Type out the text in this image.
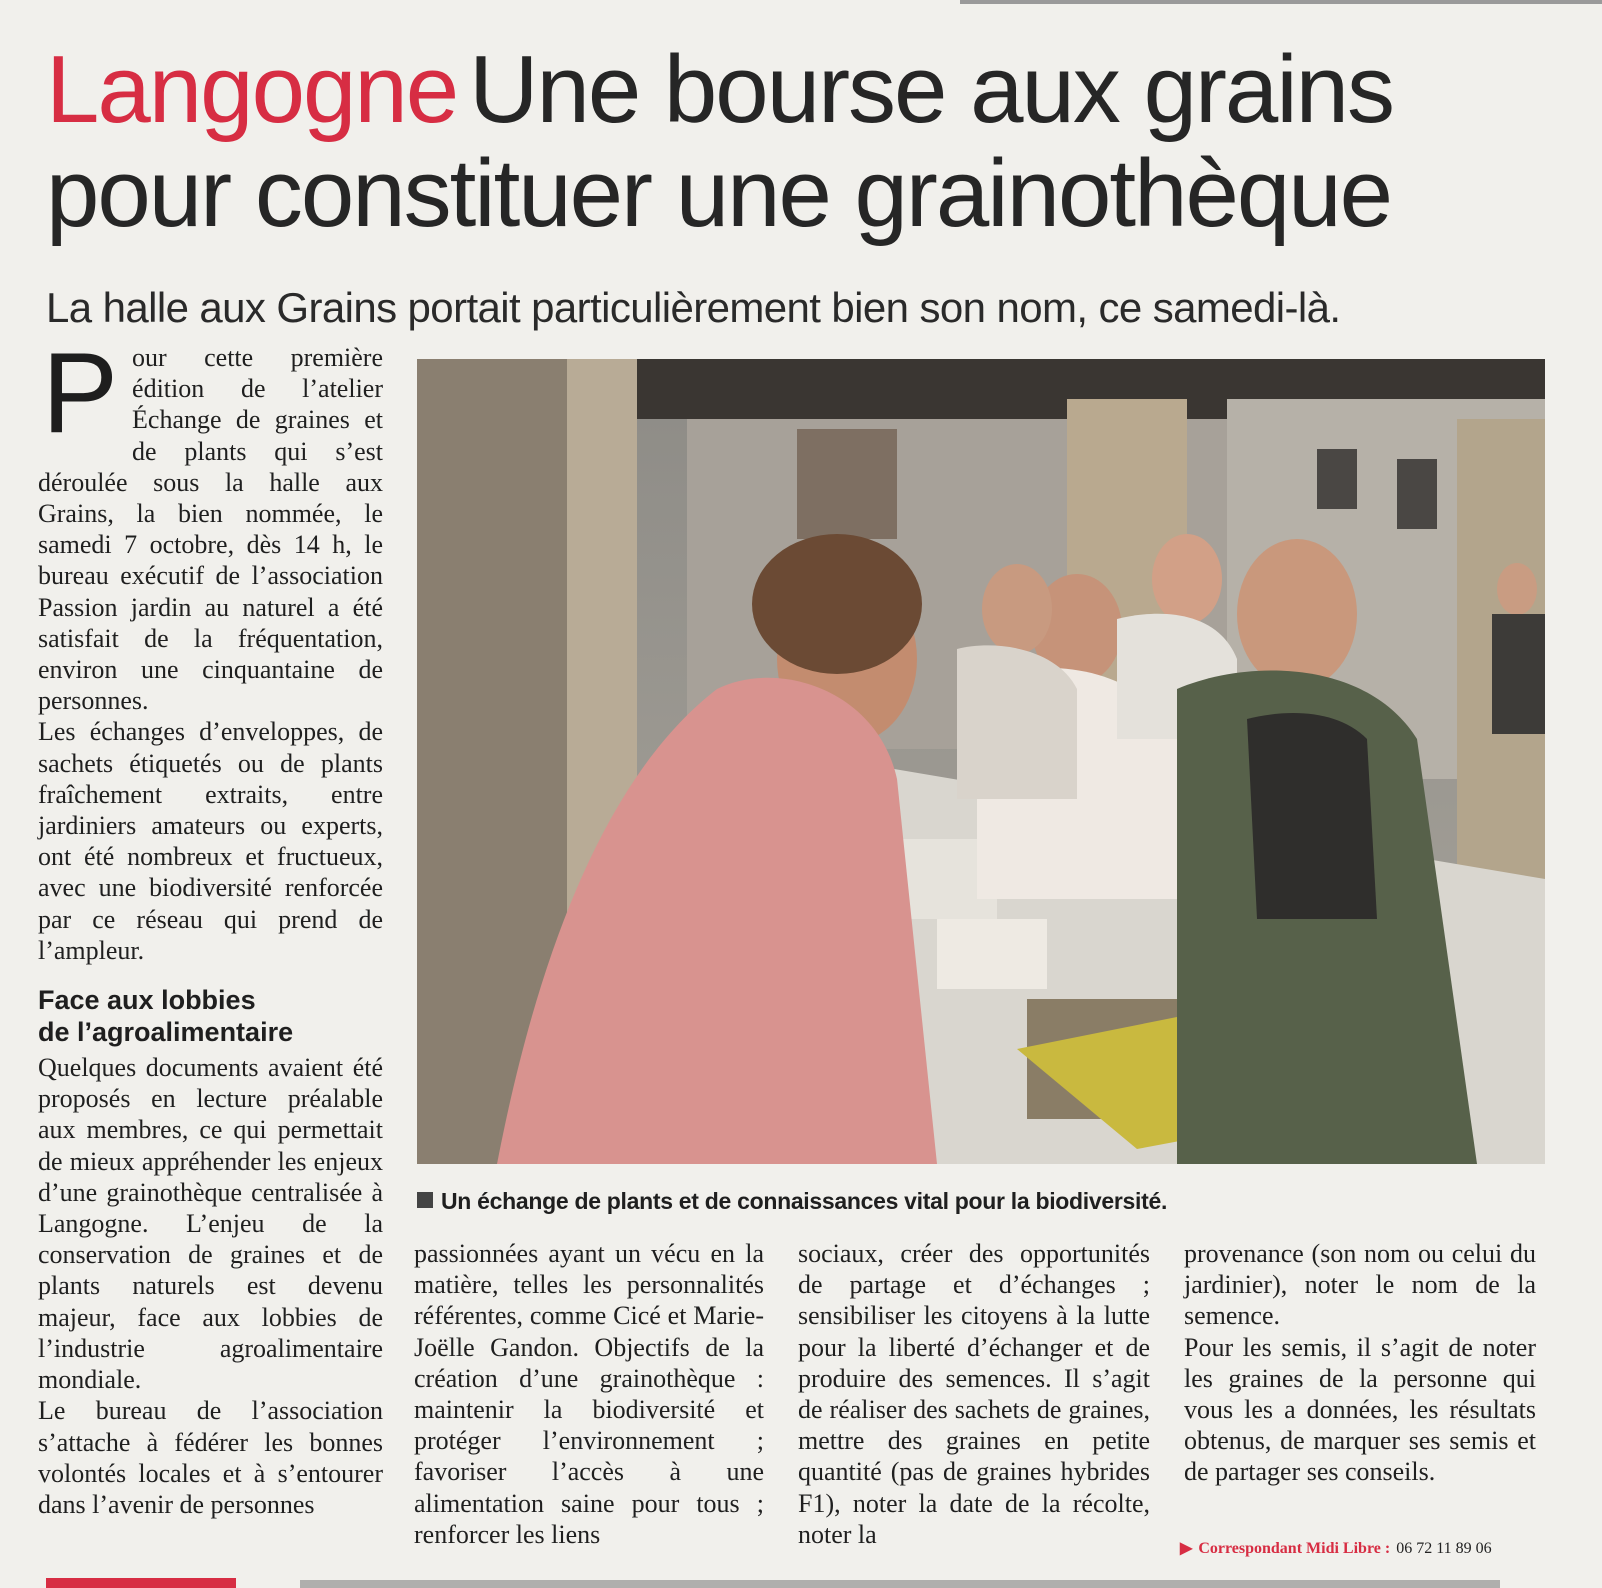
Langogne Une bourse aux grains
pour constituer une grainothèque
La halle aux Grains portait particulièrement bien son nom, ce samedi-là.
P our cette première édition de l’atelier Échange de graines et de plants qui s’est déroulée sous la halle aux Grains, la bien nommée, le samedi 7 octobre, dès 14 h, le bureau exécutif de l’association Passion jardin au naturel a été satisfait de la fréquentation, environ une cinquantaine de personnes.

Les échanges d’enveloppes, de sachets étiquetés ou de plants fraîchement extraits, entre jardiniers amateurs ou experts, ont été nombreux et fructueux, avec une biodiversité renforcée par ce réseau qui prend de l’ampleur.

Face aux lobbies
de l’agroalimentaire

Quelques documents avaient été proposés en lecture préalable aux membres, ce qui permettait de mieux appréhender les enjeux d’une grainothèque centralisée à Langogne. L’enjeu de la conservation de graines et de plants naturels est devenu majeur, face aux lobbies de l’industrie agroalimentaire mondiale.

Le bureau de l’association s’attache à fédérer les bonnes volontés locales et à s’entourer dans l’avenir de personnes

Un échange de plants et de connaissances vital pour la biodiversité.

passionnées ayant un vécu en la matière, telles les personnalités référentes, comme Cicé et Marie-Joëlle Gandon. Objectifs de la création d’une grainothèque : maintenir la biodiversité et protéger l’environnement ; favoriser l’accès à une alimentation saine pour tous ; renforcer les liens

sociaux, créer des opportunités de partage et d’échanges ; sensibiliser les citoyens à la lutte pour la liberté d’échanger et de produire des semences. Il s’agit de réaliser des sachets de graines, mettre des graines en petite quantité (pas de graines hybrides F1), noter la date de la récolte, noter la

provenance (son nom ou celui du jardinier), noter le nom de la semence.

Pour les semis, il s’agit de noter les graines de la personne qui vous les a données, les résultats obtenus, de marquer ses semis et de partager ses conseils.

▶ Correspondant Midi Libre : 06 72 11 89 06
